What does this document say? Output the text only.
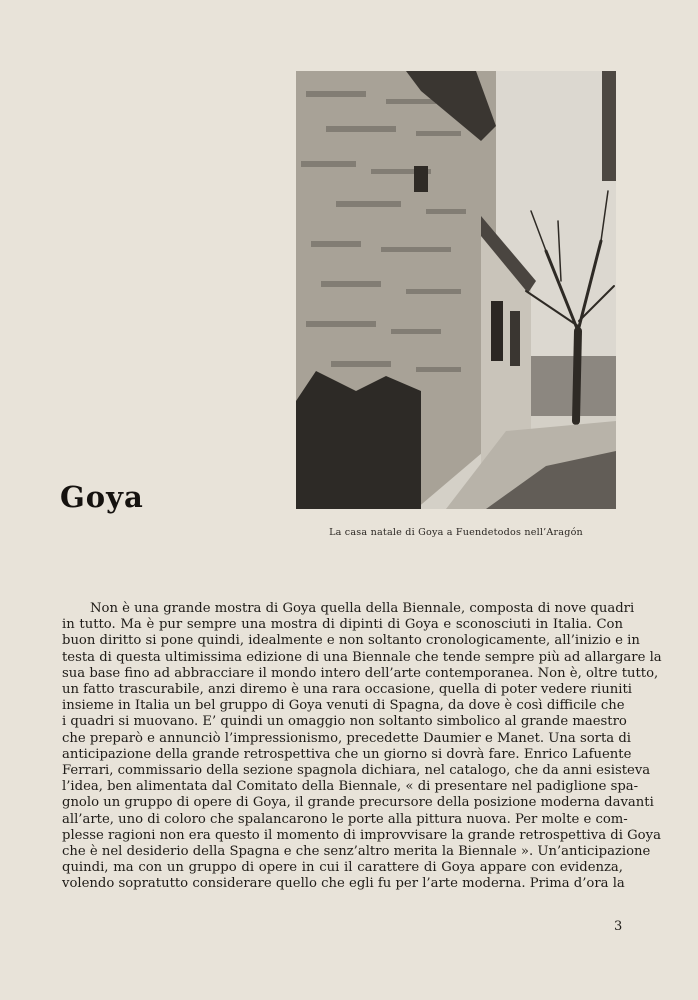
La casa natale di Goya a Fuendetodos nell’Aragón
Goya
Non è una grande mostra di Goya quella della Biennale, composta di nove quadri
in tutto. Ma è pur sempre una mostra di dipinti di Goya e sconosciuti in Italia. Con
buon diritto si pone quindi, idealmente e non soltanto cronologicamente, all’inizio e in
testa di questa ultimissima edizione di una Biennale che tende sempre più ad allargare la
sua base fino ad abbracciare il mondo intero dell’arte contemporanea. Non è, oltre tutto,
un fatto trascurabile, anzi diremo è una rara occasione, quella di poter vedere riuniti
insieme in Italia un bel gruppo di Goya venuti di Spagna, da dove è così difficile che
i quadri si muovano. E’ quindi un omaggio non soltanto simbolico al grande maestro
che preparò e annunciò l’impressionismo, precedette Daumier e Manet. Una sorta di
anticipazione della grande retrospettiva che un giorno si dovrà fare. Enrico Lafuente
Ferrari, commissario della sezione spagnola dichiara, nel catalogo, che da anni esisteva
l’idea, ben alimentata dal Comitato della Biennale, « di presentare nel padiglione spa-
gnolo un gruppo di opere di Goya, il grande precursore della posizione moderna davanti
all’arte, uno di coloro che spalancarono le porte alla pittura nuova. Per molte e com-
plesse ragioni non era questo il momento di improvvisare la grande retrospettiva di Goya
che è nel desiderio della Spagna e che senz’altro merita la Biennale ». Un’anticipazione
quindi, ma con un gruppo di opere in cui il carattere di Goya appare con evidenza,
volendo sopratutto considerare quello che egli fu per l’arte moderna. Prima d’ora la
3
